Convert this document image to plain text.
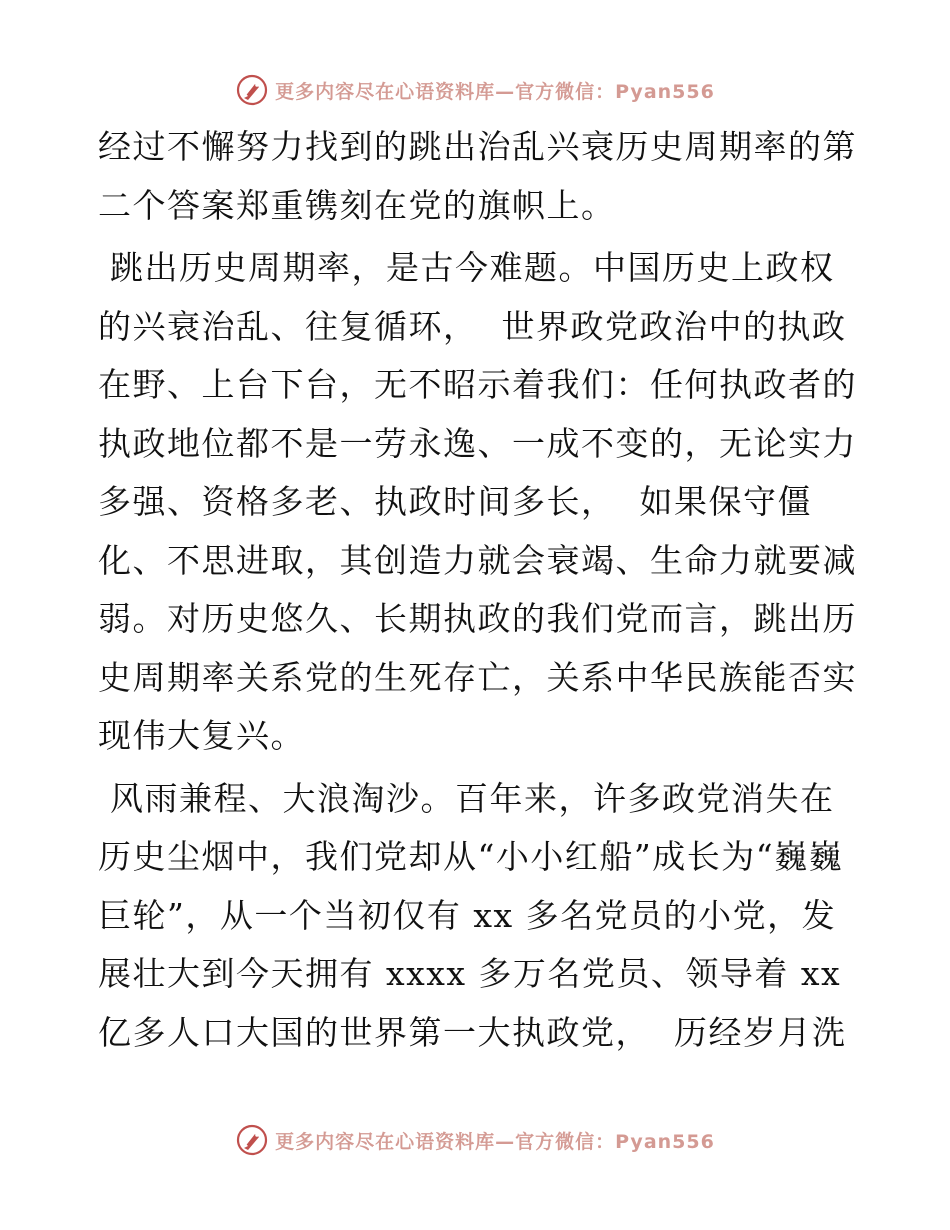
更多内容尽在心语资料库—官方微信：Pyan556

经过不懈努力找到的跳出治乱兴衰历史周期率的第二个答案郑重镌刻在党的旗帜上。

跳出历史周期率，是古今难题。中国历史上政权的兴衰治乱、往复循环，  世界政党政治中的执政在野、上台下台，无不昭示着我们：任何执政者的执政地位都不是一劳永逸、一成不变的，无论实力多强、资格多老、执政时间多长，  如果保守僵化、不思进取，其创造力就会衰竭、生命力就要减弱。对历史悠久、长期执政的我们党而言，跳出历史周期率关系党的生死存亡，关系中华民族能否实现伟大复兴。

风雨兼程、大浪淘沙。百年来，许多政党消失在历史尘烟中，我们党却从“小小红船”成长为“巍巍巨轮”，从一个当初仅有 xx 多名党员的小党，发展壮大到今天拥有 xxxx 多万名党员、领导着 xx 亿多人口大国的世界第一大执政党，  历经岁月洗

更多内容尽在心语资料库—官方微信：Pyan556
